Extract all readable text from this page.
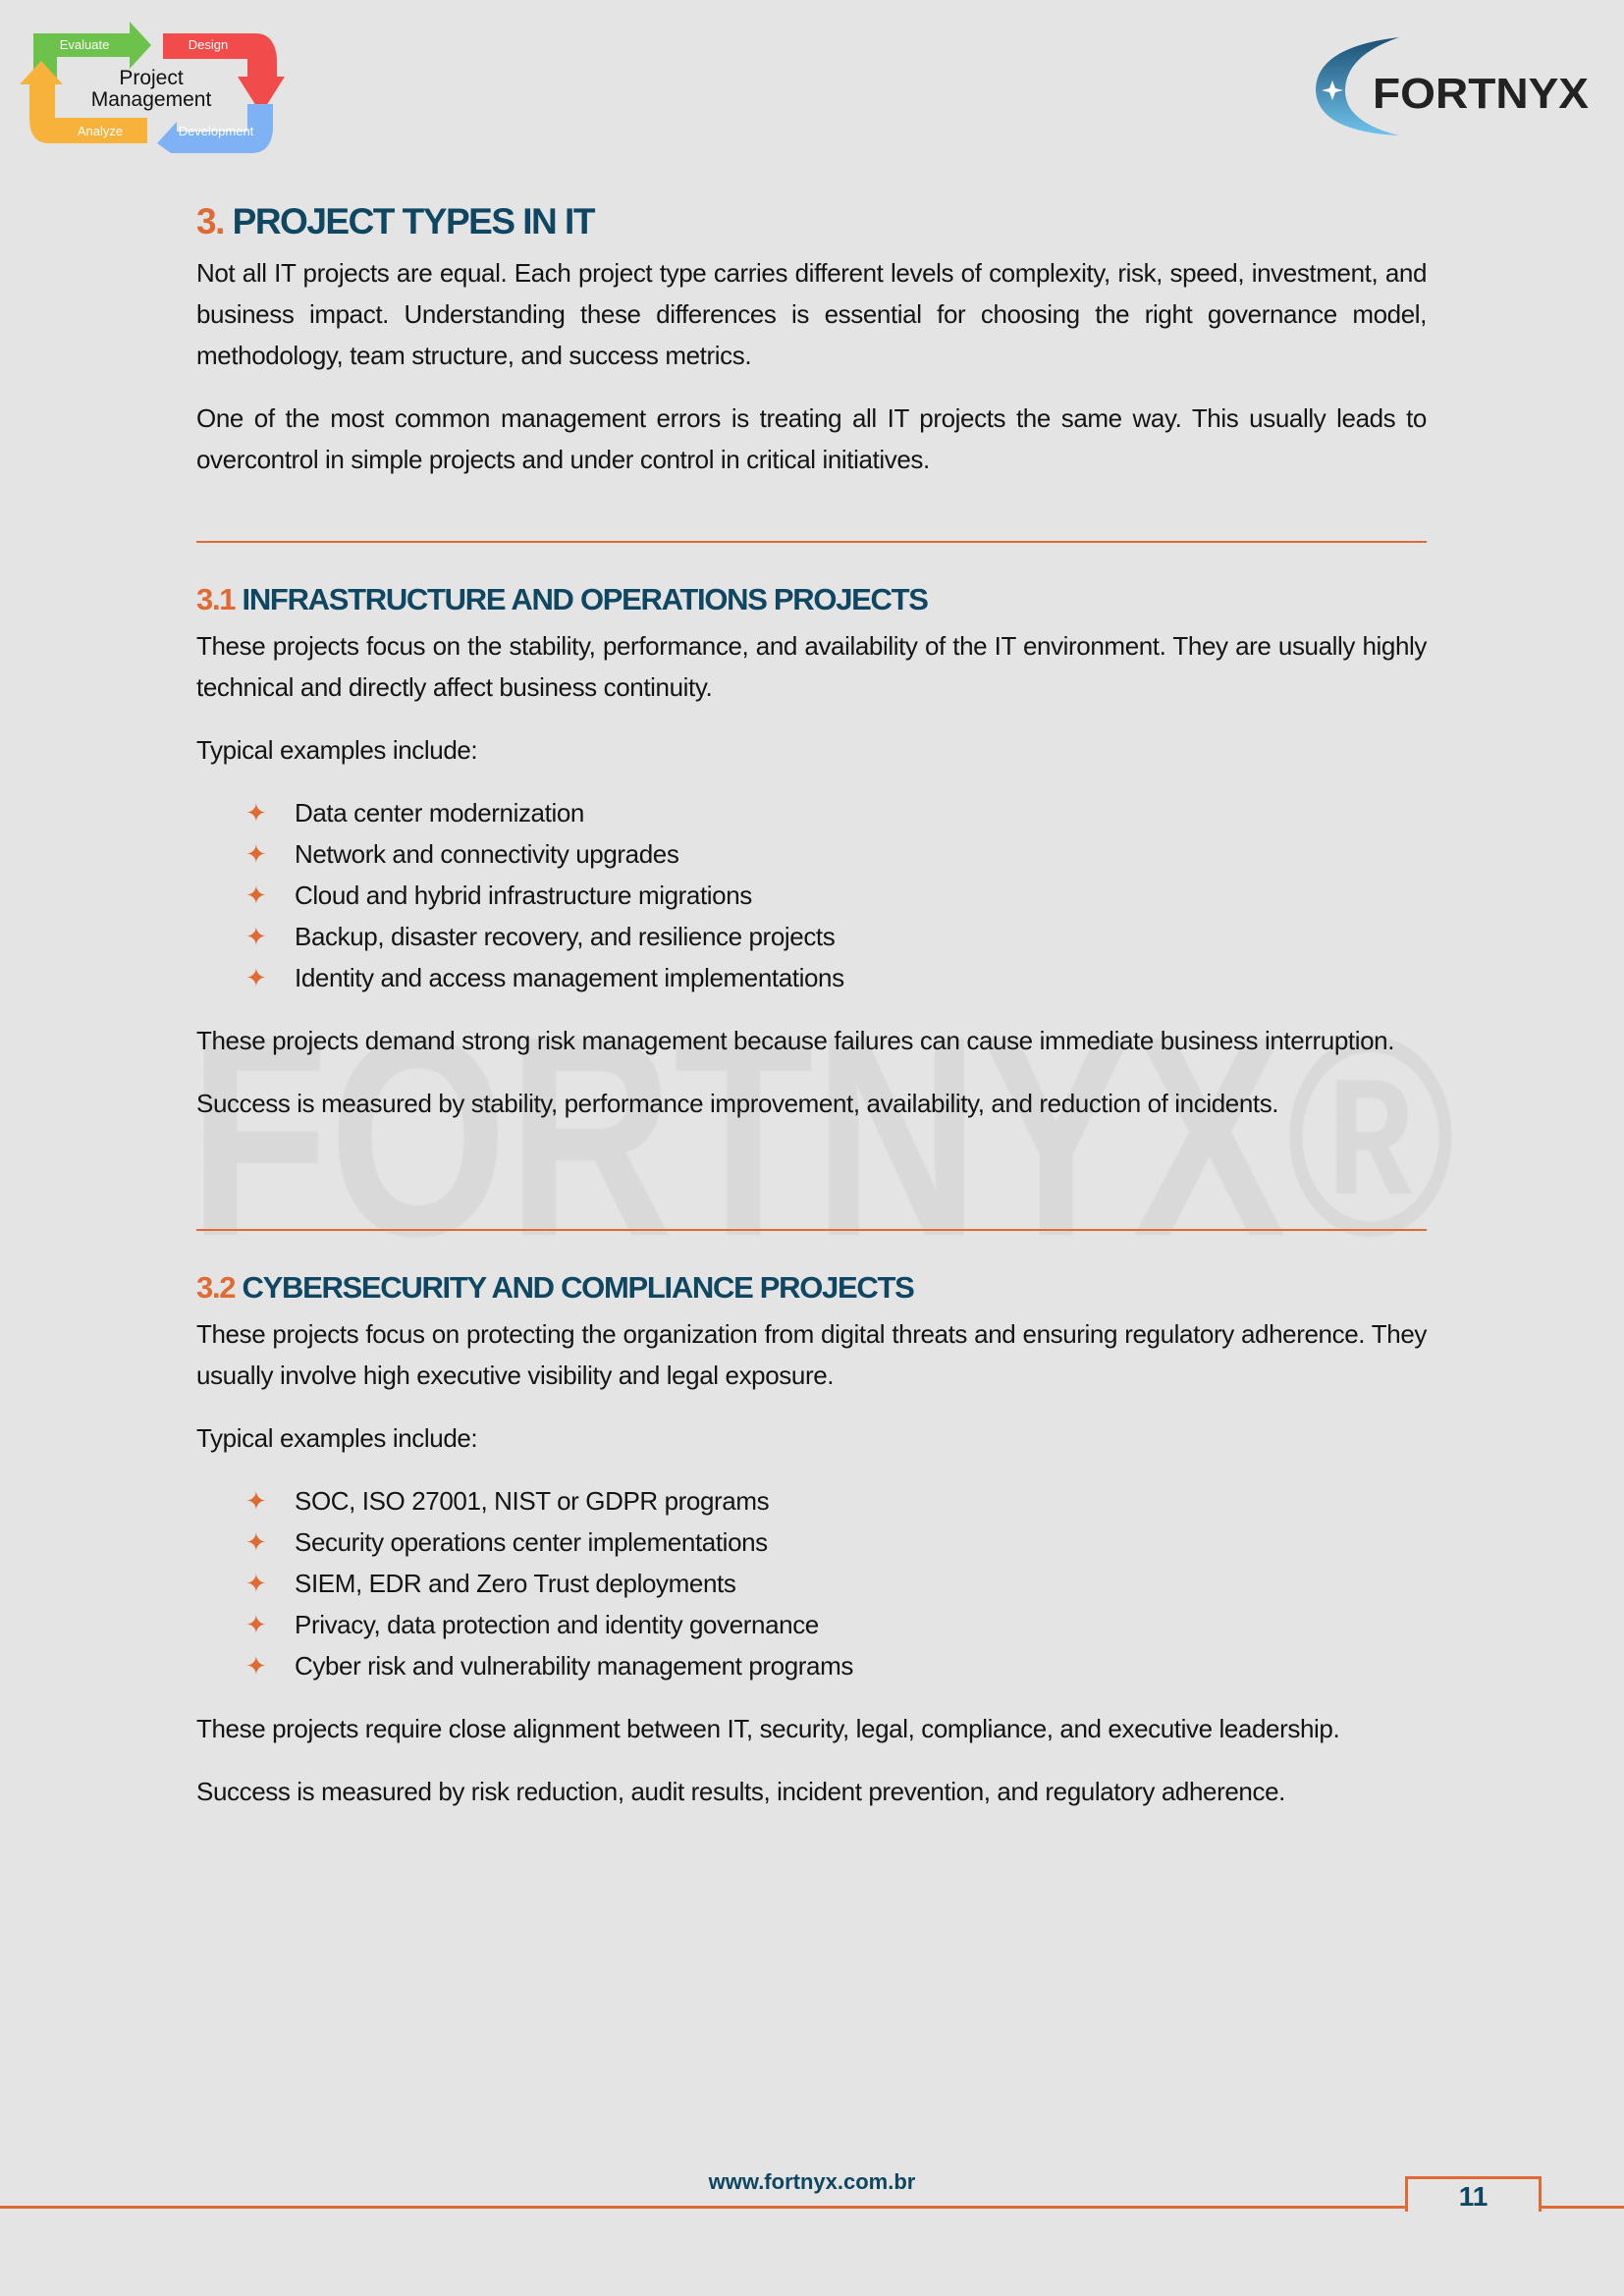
Evaluate	Design
Development
Analyze
Project
Management	FORTNYX
3. PROJECT TYPES IN IT

Not all IT projects are equal. Each project type carries different levels of complexity, risk, speed, investment, and business impact. Understanding these differences is essential for choosing the right governance model, methodology, team structure, and success metrics.

One of the most common management errors is treating all IT projects the same way. This usually leads to overcontrol in simple projects and under control in critical initiatives.

3.1 INFRASTRUCTURE AND OPERATIONS PROJECTS

These projects focus on the stability, performance, and availability of the IT environment. They are usually highly technical and directly affect business continuity.

Typical examples include:

✦ Data center modernization
✦ Network and connectivity upgrades
✦ Cloud and hybrid infrastructure migrations
✦ Backup, disaster recovery, and resilience projects
✦ Identity and access management implementations

These projects demand strong risk management because failures can cause immediate business interruption.

Success is measured by stability, performance improvement, availability, and reduction of incidents.

3.2 CYBERSECURITY AND COMPLIANCE PROJECTS

These projects focus on protecting the organization from digital threats and ensuring regulatory adherence. They usually involve high executive visibility and legal exposure.

Typical examples include:

✦ SOC, ISO 27001, NIST or GDPR programs
✦ Security operations center implementations
✦ SIEM, EDR and Zero Trust deployments
✦ Privacy, data protection and identity governance
✦ Cyber risk and vulnerability management programs

These projects require close alignment between IT, security, legal, compliance, and executive leadership.

Success is measured by risk reduction, audit results, incident prevention, and regulatory adherence.

www.fortnyx.com.br	11
